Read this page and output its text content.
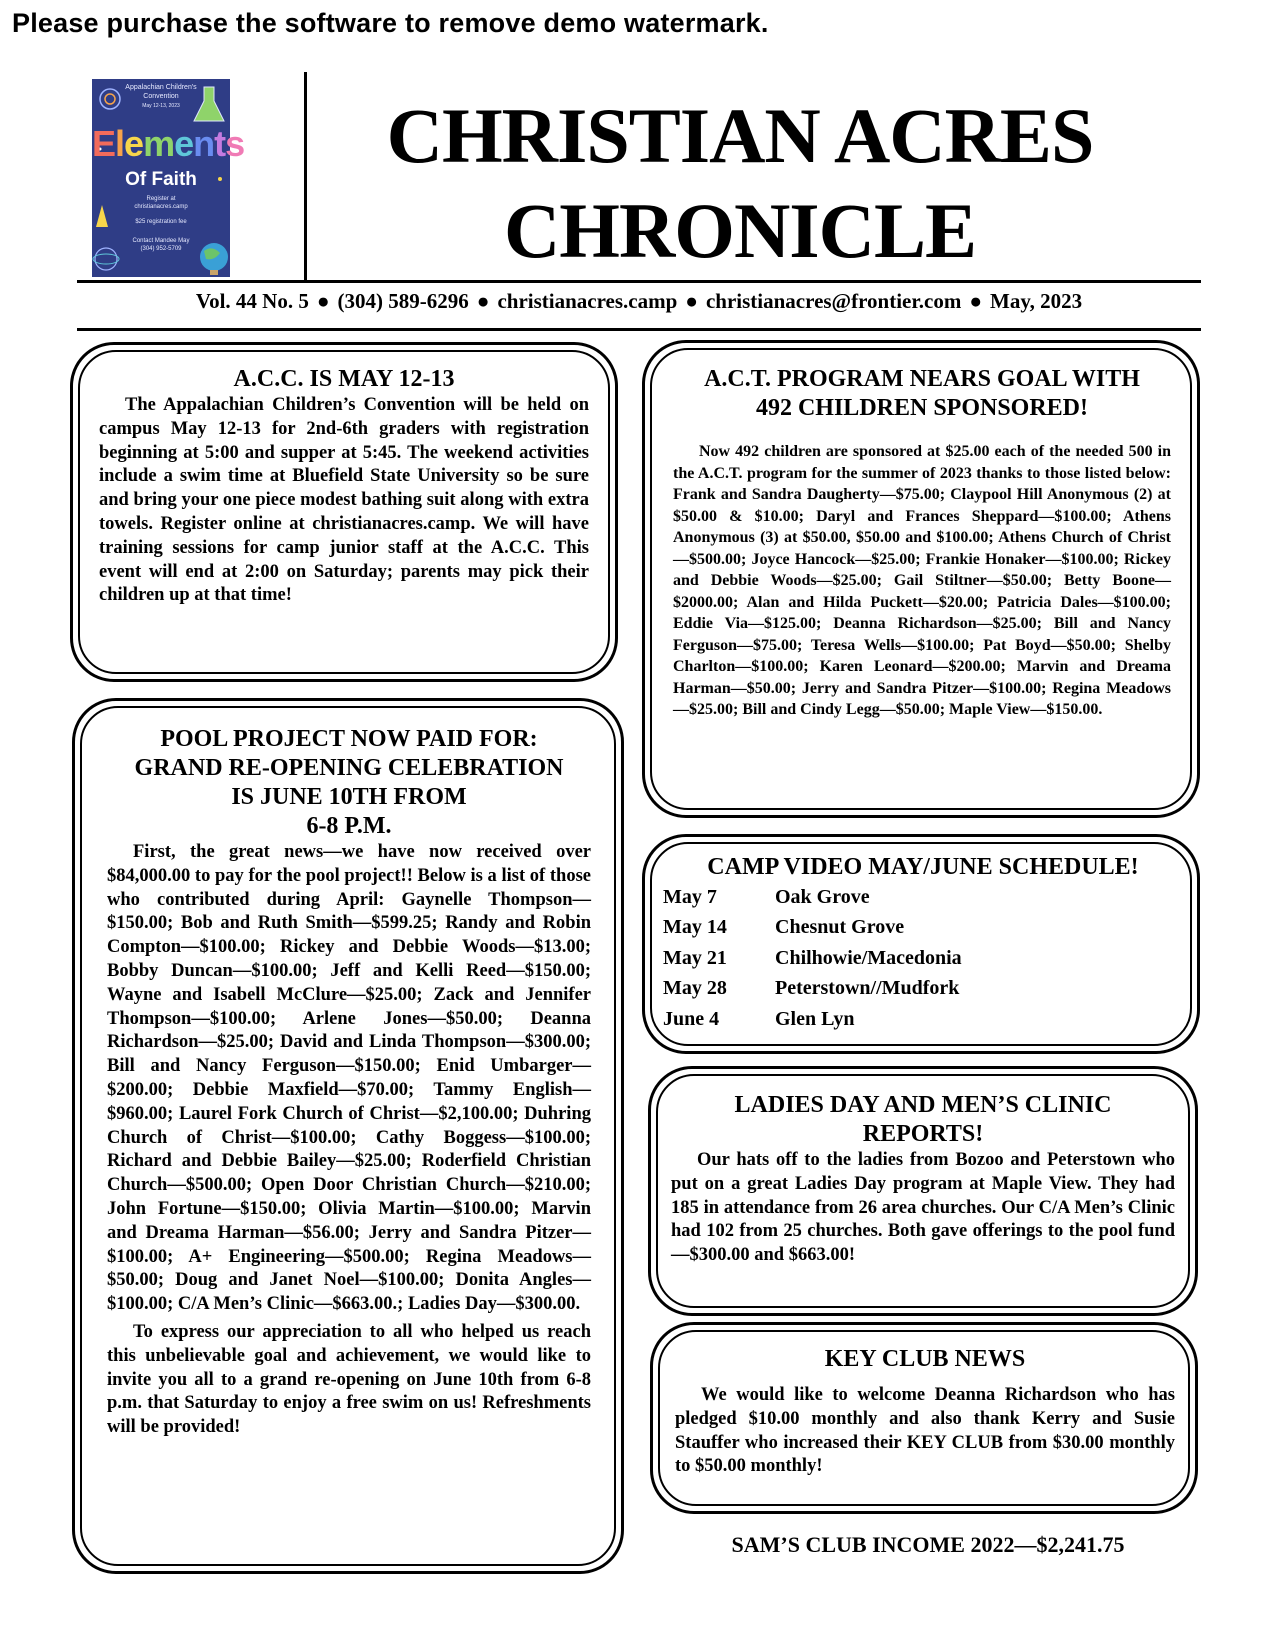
Please purchase the software to remove demo watermark.
Appalachian Children's
Convention
May 12-13, 2023
Elements
Of Faith
Register at
christianacres.camp
$25 registration fee
Contact Mandee May
(304) 952-5709
CHRISTIAN ACRES
CHRONICLE
Vol. 44 No. 5 ● (304) 589-6296 ● christianacres.camp ● christianacres@frontier.com ● May, 2023

A.C.C. IS MAY 12-13

The Appalachian Children’s Convention will be held on campus May 12-13 for 2nd-6th graders with registration beginning at 5:00 and supper at 5:45. The weekend activities include a swim time at Bluefield State University so be sure and bring your one piece modest bathing suit along with extra towels. Register online at christianacres.camp. We will have training sessions for camp junior staff at the A.C.C. This event will end at 2:00 on Saturday; parents may pick their children up at that time!

POOL PROJECT NOW PAID FOR:
GRAND RE-OPENING CELEBRATION
IS JUNE 10TH FROM
6-8 P.M.

First, the great news—we have now received over $84,000.00 to pay for the pool project!! Below is a list of those who contributed during April: Gaynelle Thompson—$150.00; Bob and Ruth Smith—$599.25; Randy and Robin Compton—$100.00; Rickey and Debbie Woods—$13.00; Bobby Duncan—$100.00; Jeff and Kelli Reed—$150.00; Wayne and Isabell McClure—$25.00; Zack and Jennifer Thompson—$100.00; Arlene Jones—$50.00; Deanna Richardson—$25.00; David and Linda Thompson—$300.00; Bill and Nancy Ferguson—$150.00; Enid Umbarger—$200.00; Debbie Maxfield—$70.00; Tammy English—$960.00; Laurel Fork Church of Christ—$2,100.00; Duhring Church of Christ—$100.00; Cathy Boggess—$100.00; Richard and Debbie Bailey—$25.00; Roderfield Christian Church—$500.00; Open Door Christian Church—$210.00; John Fortune—$150.00; Olivia Martin—$100.00; Marvin and Dreama Harman—$56.00; Jerry and Sandra Pitzer—$100.00; A+ Engineering—$500.00; Regina Meadows—$50.00; Doug and Janet Noel—$100.00; Donita Angles—$100.00; C/A Men’s Clinic—$663.00.; Ladies Day—$300.00.

To express our appreciation to all who helped us reach this unbelievable goal and achievement, we would like to invite you all to a grand re-opening on June 10th from 6-8 p.m. that Saturday to enjoy a free swim on us! Refreshments will be provided!

A.C.T. PROGRAM NEARS GOAL WITH
492 CHILDREN SPONSORED!

Now 492 children are sponsored at $25.00 each of the needed 500 in the A.C.T. program for the summer of 2023 thanks to those listed below: Frank and Sandra Daugherty—$75.00; Claypool Hill Anonymous (2) at $50.00 & $10.00; Daryl and Frances Sheppard—$100.00; Athens Anonymous (3) at $50.00, $50.00 and $100.00; Athens Church of Christ—$500.00; Joyce Hancock—$25.00; Frankie Honaker—$100.00; Rickey and Debbie Woods—$25.00; Gail Stiltner—$50.00; Betty Boone—$2000.00; Alan and Hilda Puckett—$20.00; Patricia Dales—$100.00; Eddie Via—$125.00; Deanna Richardson—$25.00; Bill and Nancy Ferguson—$75.00; Teresa Wells—$100.00; Pat Boyd—$50.00; Shelby Charlton—$100.00; Karen Leonard—$200.00; Marvin and Dreama Harman—$50.00; Jerry and Sandra Pitzer—$100.00; Regina Meadows—$25.00; Bill and Cindy Legg—$50.00; Maple View—$150.00.

CAMP VIDEO MAY/JUNE SCHEDULE!

May 7	Oak Grove
May 14	Chesnut Grove
May 21	Chilhowie/Macedonia
May 28	Peterstown//Mudfork
June 4	Glen Lyn

LADIES DAY AND MEN’S CLINIC
REPORTS!

Our hats off to the ladies from Bozoo and Peterstown who put on a great Ladies Day program at Maple View. They had 185 in attendance from 26 area churches. Our C/A Men’s Clinic had 102 from 25 churches. Both gave offerings to the pool fund—$300.00 and $663.00!

KEY CLUB NEWS

We would like to welcome Deanna Richardson who has pledged $10.00 monthly and also thank Kerry and Susie Stauffer who increased their KEY CLUB from $30.00 monthly to $50.00 monthly!

SAM’S CLUB INCOME 2022—$2,241.75
